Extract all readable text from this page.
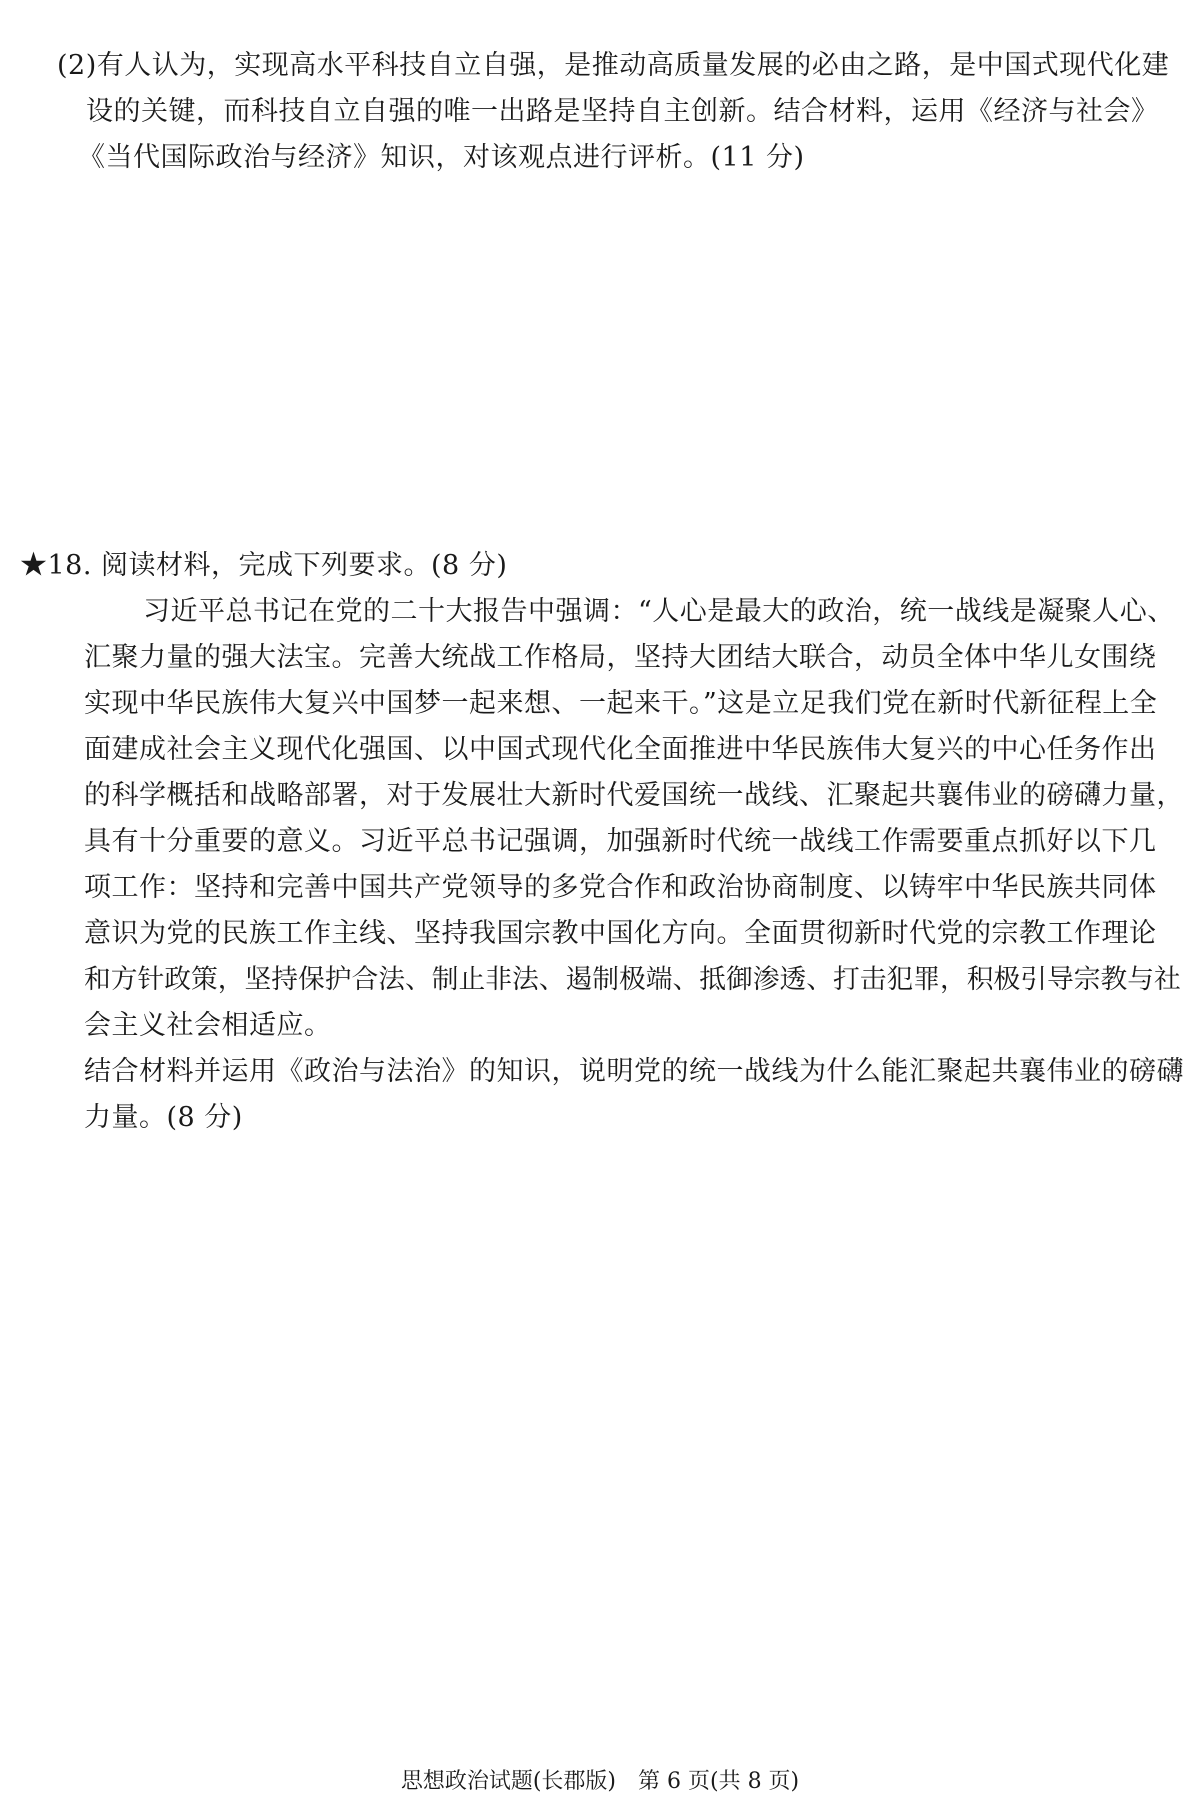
(2)有人认为，实现高水平科技自立自强，是推动高质量发展的必由之路，是中国式现代化建
设的关键，而科技自立自强的唯一出路是坚持自主创新。结合材料，运用《经济与社会》
《当代国际政治与经济》知识，对该观点进行评析。(11 分)
★18. 阅读材料，完成下列要求。(8 分)
习近平总书记在党的二十大报告中强调：“人心是最大的政治，统一战线是凝聚人心、
汇聚力量的强大法宝。完善大统战工作格局，坚持大团结大联合，动员全体中华儿女围绕
实现中华民族伟大复兴中国梦一起来想、一起来干。”这是立足我们党在新时代新征程上全
面建成社会主义现代化强国、以中国式现代化全面推进中华民族伟大复兴的中心任务作出
的科学概括和战略部署，对于发展壮大新时代爱国统一战线、汇聚起共襄伟业的磅礴力量，
具有十分重要的意义。习近平总书记强调，加强新时代统一战线工作需要重点抓好以下几
项工作：坚持和完善中国共产党领导的多党合作和政治协商制度、以铸牢中华民族共同体
意识为党的民族工作主线、坚持我国宗教中国化方向。全面贯彻新时代党的宗教工作理论
和方针政策，坚持保护合法、制止非法、遏制极端、抵御渗透、打击犯罪，积极引导宗教与社
会主义社会相适应。
结合材料并运用《政治与法治》的知识，说明党的统一战线为什么能汇聚起共襄伟业的磅礴
力量。(8 分)
思想政治试题(长郡版)　第 6 页(共 8 页)
